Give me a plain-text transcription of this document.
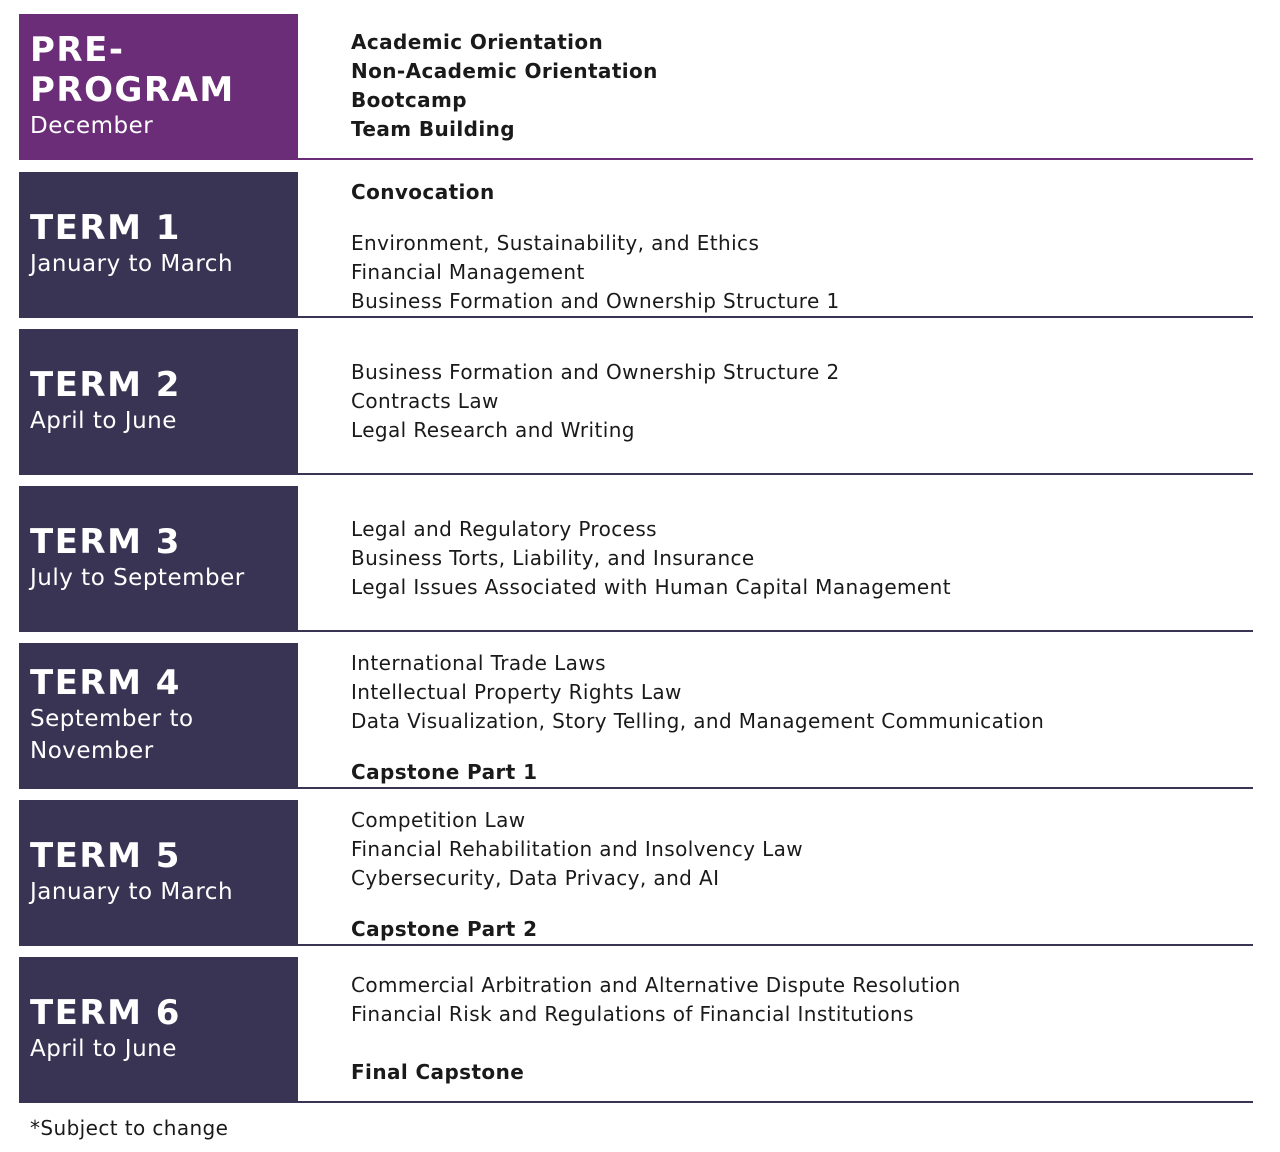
PRE-
PROGRAM
December
Academic Orientation
Non-Academic Orientation
Bootcamp
Team Building
TERM 1
January to March
Convocation
Environment, Sustainability, and Ethics
Financial Management
Business Formation and Ownership Structure 1
TERM 2
April to June
Business Formation and Ownership Structure 2
Contracts Law
Legal Research and Writing
TERM 3
July to September
Legal and Regulatory Process
Business Torts, Liability, and Insurance
Legal Issues Associated with Human Capital Management
TERM 4
September to
November
International Trade Laws
Intellectual Property Rights Law
Data Visualization, Story Telling, and Management Communication
Capstone Part 1
TERM 5
January to March
Competition Law
Financial Rehabilitation and Insolvency Law
Cybersecurity, Data Privacy, and AI
Capstone Part 2
TERM 6
April to June
Commercial Arbitration and Alternative Dispute Resolution
Financial Risk and Regulations of Financial Institutions
Final Capstone
*Subject to change
